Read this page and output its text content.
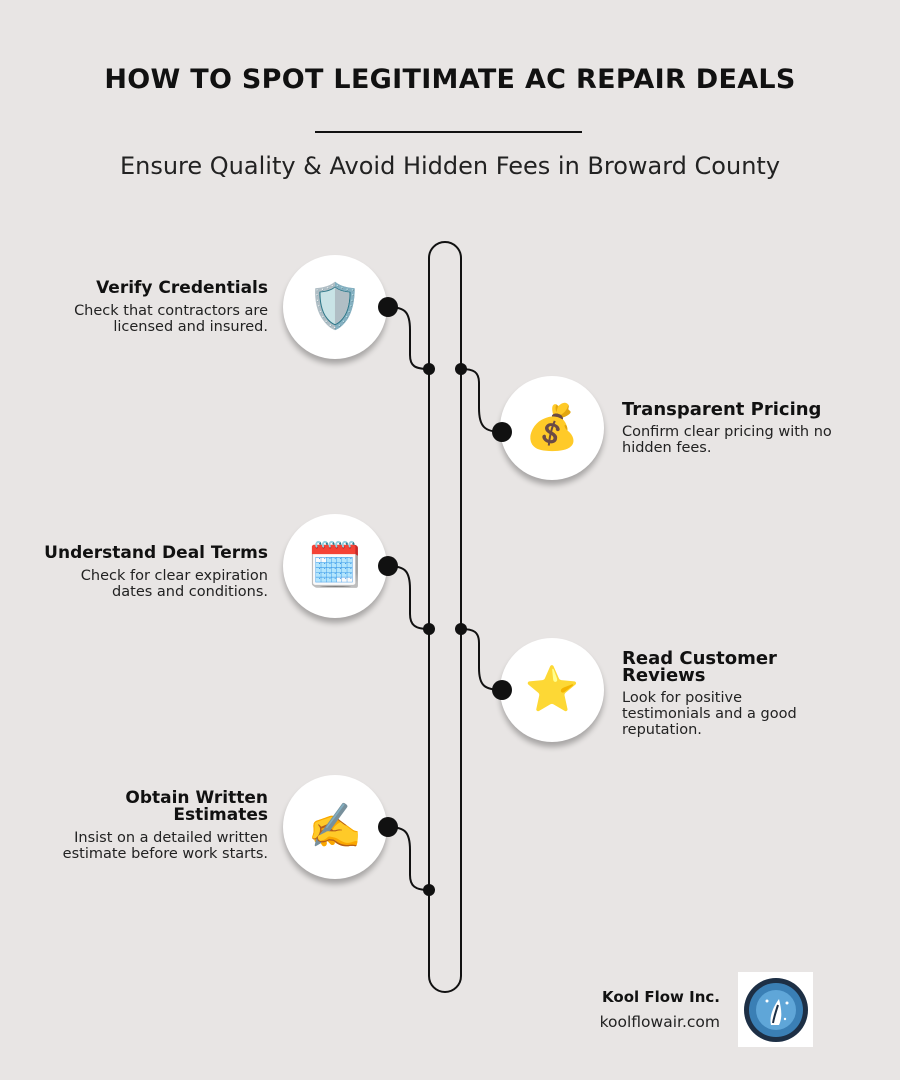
HOW TO SPOT LEGITIMATE AC REPAIR DEALS
Ensure Quality & Avoid Hidden Fees in Broward County
Verify Credentials

Check that contractors are licensed and insured. 🛡️
💰 Transparent Pricing

Confirm clear pricing with no hidden fees.

Understand Deal Terms

Check for clear expiration dates and conditions.

🗓️
⭐
Read Customer Reviews

Look for positive testimonials and a good reputation.

Obtain Written Estimates

Insist on a detailed written estimate before work starts.

✍️
Kool Flow Inc.
koolflowair.com
